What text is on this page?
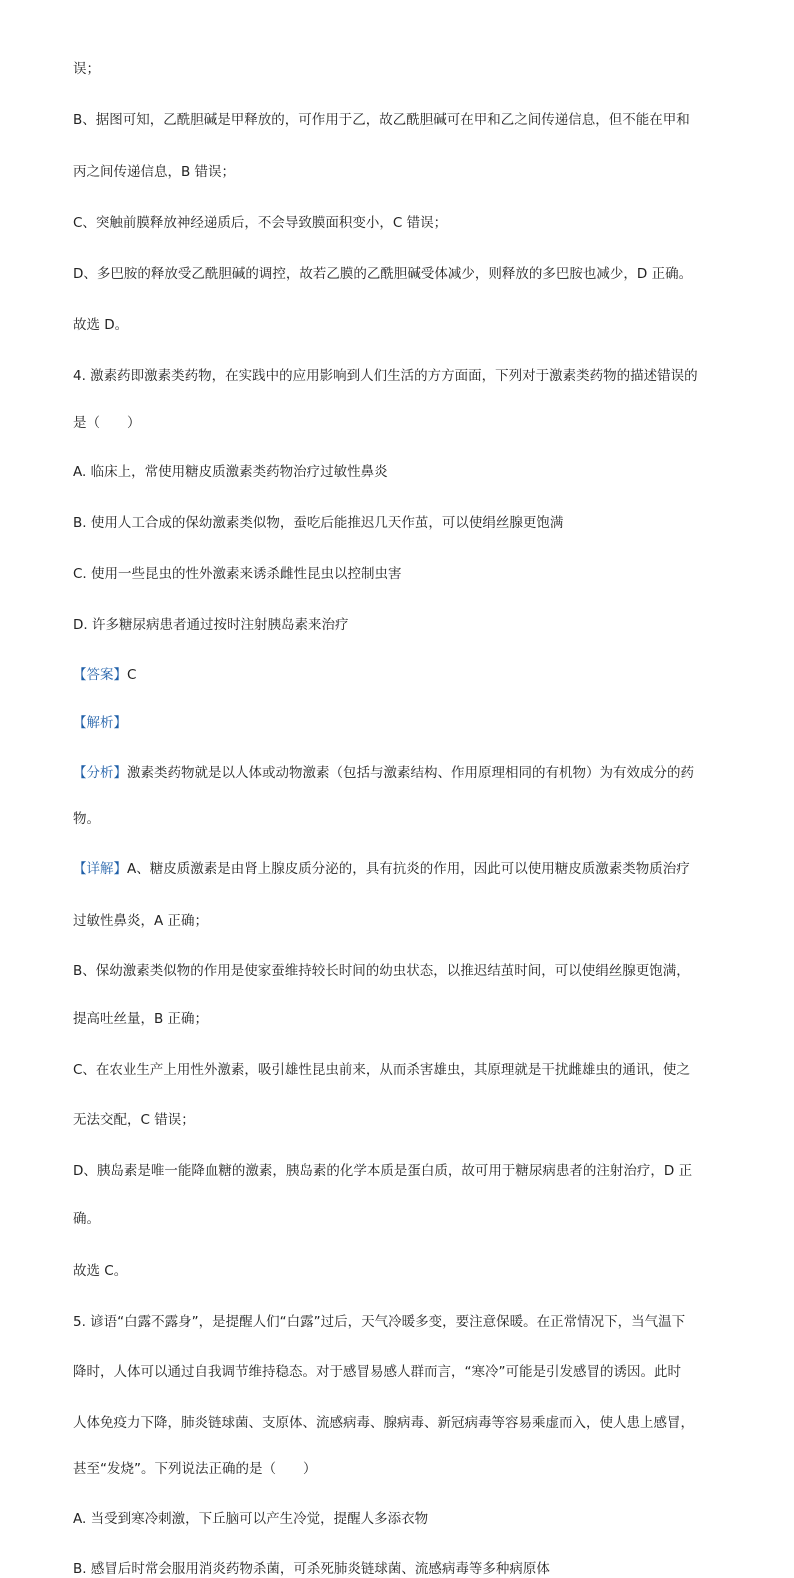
误；

B、据图可知，乙酰胆碱是甲释放的，可作用于乙，故乙酰胆碱可在甲和乙之间传递信息，但不能在甲和

丙之间传递信息，B 错误；

C、突触前膜释放神经递质后，不会导致膜面积变小，C 错误；

D、多巴胺的释放受乙酰胆碱的调控，故若乙膜的乙酰胆碱受体减少，则释放的多巴胺也减少，D 正确。

故选 D。

4. 激素药即激素类药物，在实践中的应用影响到人们生活的方方面面，下列对于激素类药物的描述错误的

是（　　）

A. 临床上，常使用糖皮质激素类药物治疗过敏性鼻炎

B. 使用人工合成的保幼激素类似物，蚕吃后能推迟几天作茧，可以使绢丝腺更饱满

C. 使用一些昆虫的性外激素来诱杀雌性昆虫以控制虫害

D. 许多糖尿病患者通过按时注射胰岛素来治疗

【答案】C

【解析】

【分析】激素类药物就是以人体或动物激素（包括与激素结构、作用原理相同的有机物）为有效成分的药

物。

【详解】A、糖皮质激素是由肾上腺皮质分泌的，具有抗炎的作用，因此可以使用糖皮质激素类物质治疗

过敏性鼻炎，A 正确；

B、保幼激素类似物的作用是使家蚕维持较长时间的幼虫状态，以推迟结茧时间，可以使绢丝腺更饱满，

提高吐丝量，B 正确；

C、在农业生产上用性外激素，吸引雄性昆虫前来，从而杀害雄虫，其原理就是干扰雌雄虫的通讯，使之

无法交配，C 错误；

D、胰岛素是唯一能降血糖的激素，胰岛素的化学本质是蛋白质，故可用于糖尿病患者的注射治疗，D 正

确。

故选 C。

5. 谚语“白露不露身”，是提醒人们“白露”过后，天气冷暖多变，要注意保暖。在正常情况下，当气温下

降时，人体可以通过自我调节维持稳态。对于感冒易感人群而言，“寒冷”可能是引发感冒的诱因。此时

人体免疫力下降，肺炎链球菌、支原体、流感病毒、腺病毒、新冠病毒等容易乘虚而入，使人患上感冒，

甚至“发烧”。下列说法正确的是（　　）

A. 当受到寒冷刺激，下丘脑可以产生冷觉，提醒人多添衣物

B. 感冒后时常会服用消炎药物杀菌，可杀死肺炎链球菌、流感病毒等多种病原体
